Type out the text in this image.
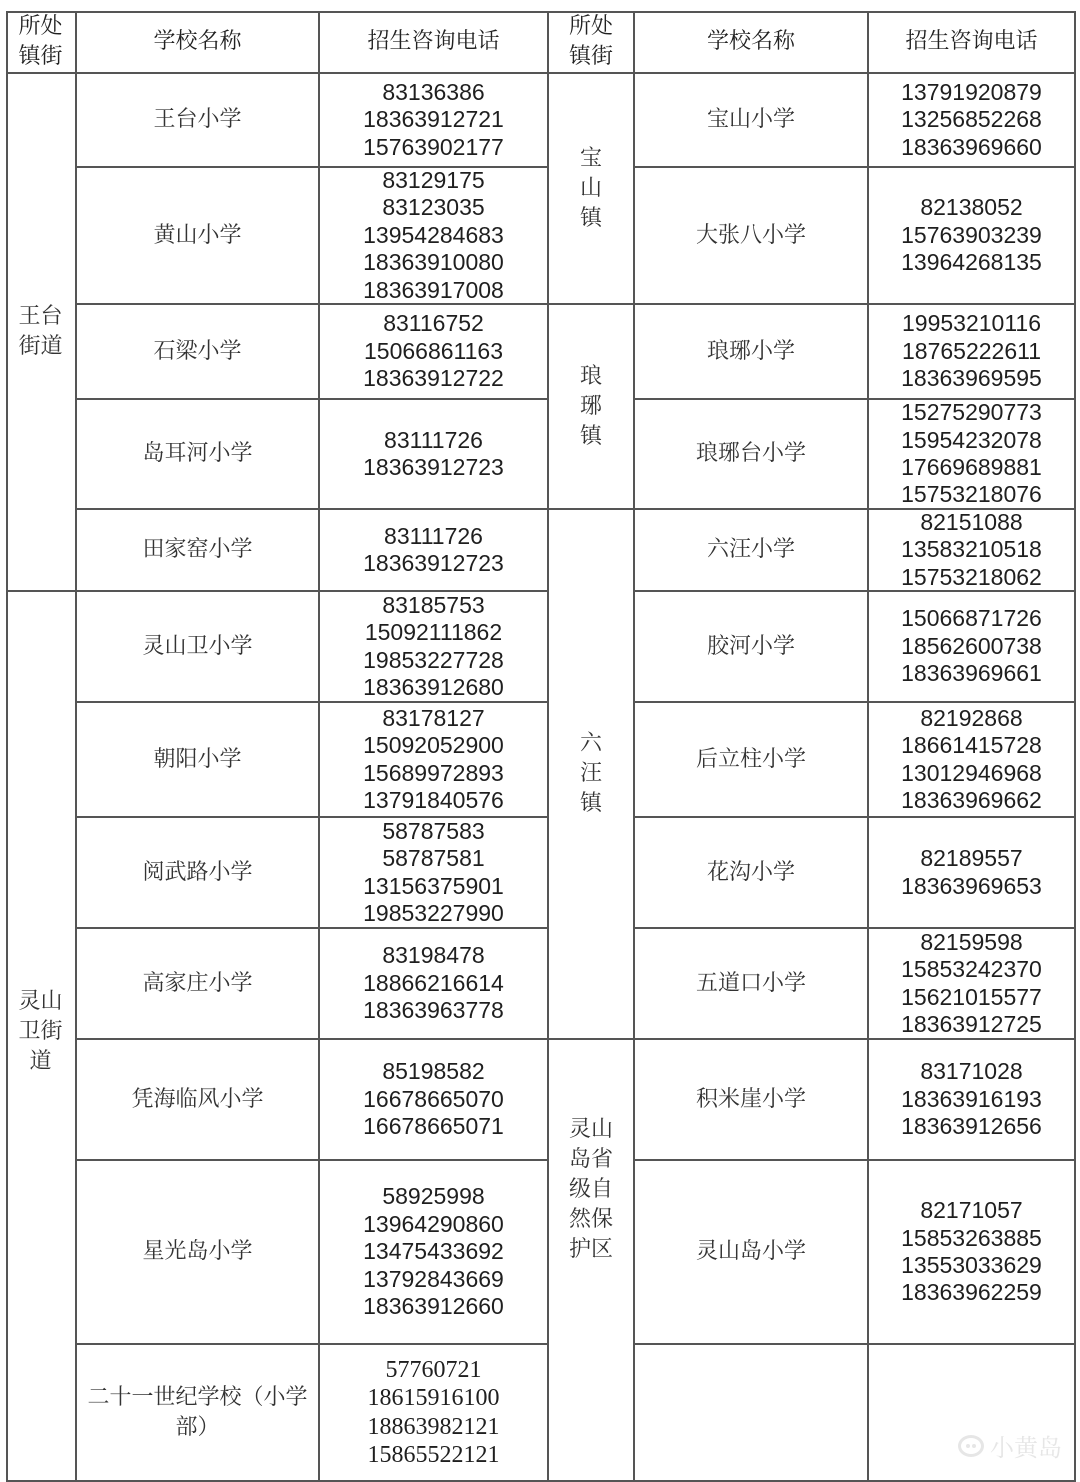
所处
镇街
学校名称	招生咨询电话
所处
镇街
学校名称	招生咨询电话
王台
街道
灵山
卫街
道
宝
山
镇
琅
琊
镇
六
汪
镇
灵山
岛省
级自
然保
护区
王台小学
83136386
18363912721
15763902177
黄山小学
83129175
83123035
13954284683
18363910080
18363917008
石梁小学
83116752
15066861163
18363912722
岛耳河小学
83111726
18363912723
田家窑小学
83111726
18363912723
灵山卫小学
83185753
15092111862
19853227728
18363912680
朝阳小学
83178127
15092052900
15689972893
13791840576
阅武路小学
58787583
58787581
13156375901
19853227990
高家庄小学
83198478
18866216614
18363963778
凭海临风小学
85198582
16678665070
16678665071
星光岛小学
58925998
13964290860
13475433692
13792843669
18363912660
二十一世纪学校（小学部）
57760721
18615916100
18863982121
15865522121
宝山小学
13791920879
13256852268
18363969660
大张八小学
82138052
15763903239
13964268135
琅琊小学
19953210116
18765222611
18363969595
琅琊台小学
15275290773
15954232078
17669689881
15753218076
六汪小学
82151088
13583210518
15753218062
胶河小学
15066871726
18562600738
18363969661
后立柱小学
82192868
18661415728
13012946968
18363969662
花沟小学
82189557
18363969653
五道口小学
82159598
15853242370
15621015577
18363912725
积米崖小学
83171028
18363916193
18363912656
灵山岛小学
82171057
15853263885
13553033629
18363962259
小黄岛
